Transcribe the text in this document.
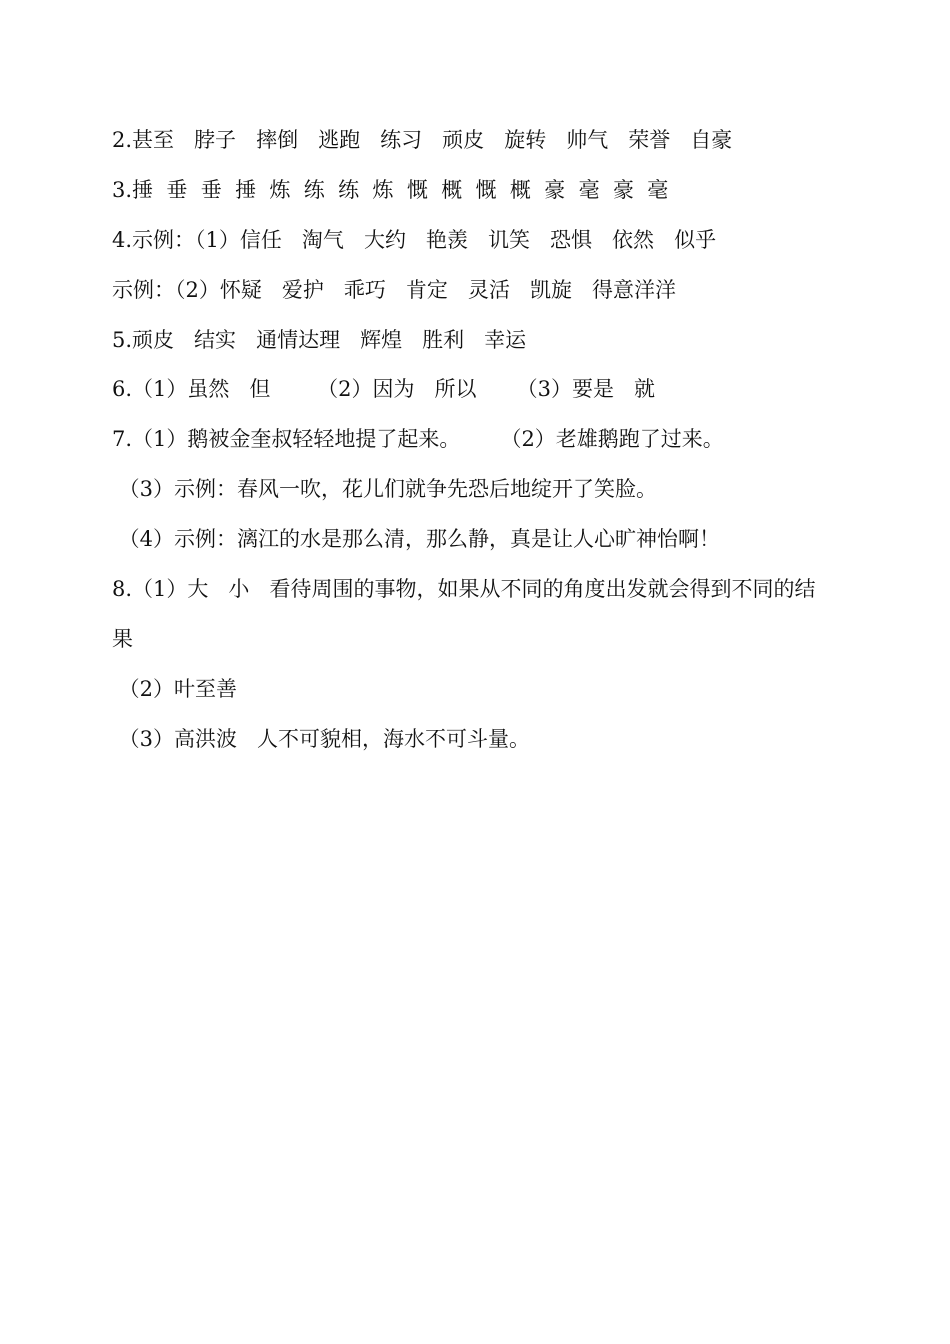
2.甚至   脖子   摔倒   逃跑   练习   顽皮   旋转   帅气   荣誉   自豪
3.捶  垂  垂  捶  炼  练  练  炼  慨  概  慨  概  豪  毫  豪  毫
4.示例：（1）信任   淘气   大约   艳羡   讥笑   恐惧   依然   似乎
示例：（2）怀疑   爱护   乖巧   肯定   灵活   凯旋   得意洋洋
5.顽皮   结实   通情达理   辉煌   胜利   幸运
6.（1）虽然   但       （2）因为   所以      （3）要是   就
7.（1）鹅被金奎叔轻轻地提了起来。      （2）老雄鹅跑了过来。
（3）示例：春风一吹，花儿们就争先恐后地绽开了笑脸。
（4）示例：漓江的水是那么清，那么静，真是让人心旷神怡啊！
8.（1）大   小   看待周围的事物，如果从不同的角度出发就会得到不同的结
果
（2）叶至善
（3）高洪波   人不可貌相，海水不可斗量。
